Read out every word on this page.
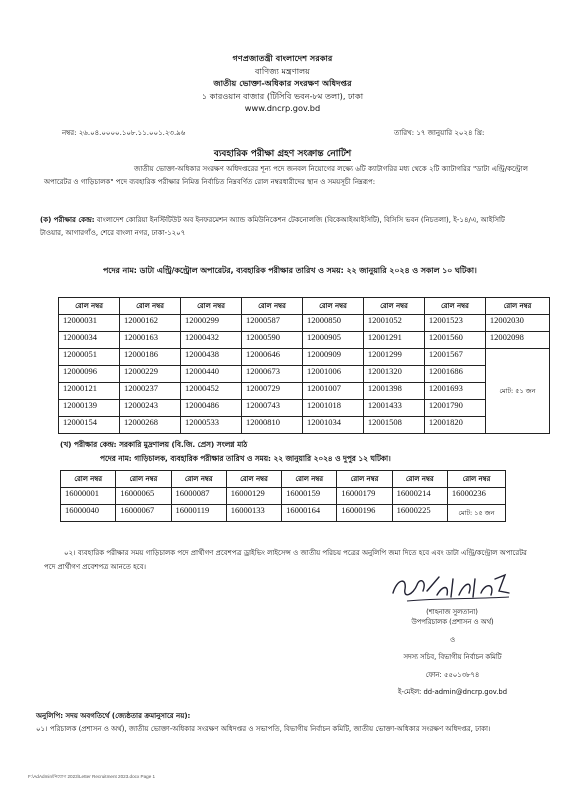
গণপ্রজাতন্ত্রী বাংলাদেশ সরকার
বাণিজ্য মন্ত্রণালয়
জাতীয় ভোক্তা-অধিকার সংরক্ষণ অধিদপ্তর
১ কারওয়ান বাজার (টিসিবি ভবন-৮ম তলা), ঢাকা
www.dncrp.gov.bd
নম্বর: ২৬.০৪.০০০০.১০৮.১১.০০১.২৩.৯৬	তারিখ: ১৭ জানুয়ারি ২০২৪ খ্রি:
ব্যবহারিক পরীক্ষা গ্রহণ সংক্রান্ত নোটিশ
জাতীয় ভোক্তা-অধিকার সংরক্ষণ অধিদপ্তরের শূন্য পদে জনবল নিয়োগের লক্ষ্যে ৬টি ক্যাটাগরির মধ্য থেকে ২টি ক্যাটাগরির "ডাটা এন্ট্রি/কন্ট্রোল অপারেটর ও গাড়িচালক" পদে ব্যবহারিক পরীক্ষার নিমিত্ত নির্বাচিত নিম্নবর্ণিত রোল নম্বরধারীদের স্থান ও সময়সূচী নিম্নরূপ:
(ক) পরীক্ষার কেন্দ্র: বাংলাদেশ কোরিয়া ইনস্টিটিউট অব ইনফরমেশন অ্যান্ড কমিউনিকেশন টেকনোলজি (বিকেআইআইসিটি), বিসিসি ভবন (নিচতলা), ই-১৪/এ, আইসিটি টাওয়ার, আগারগাঁও, শেরে বাংলা নগর, ঢাকা-১২০৭
পদের নাম: ডাটা এন্ট্রি/কন্ট্রোল অপারেটর, ব্যবহারিক পরীক্ষার তারিখ ও সময়: ২২ জানুয়ারি ২০২৪ ও সকাল ১০ ঘটিকা।
রোল নম্বর	রোল নম্বর	রোল নম্বর	রোল নম্বর	রোল নম্বর	রোল নম্বর	রোল নম্বর	রোল নম্বর
12000031	12000162	12000299	12000587	12000850	12001052	12001523	12002030
12000034	12000163	12000432	12000590	12000905	12001291	12001560	12002098
12000051	12000186	12000438	12000646	12000909	12001299	12001567	মোট: ৫১ জন
12000096	12000229	12000440	12000673	12001006	12001320	12001686	
12000121	12000237	12000452	12000729	12001007	12001398	12001693	
12000139	12000243	12000486	12000743	12001018	12001433	12001790	
12000154	12000268	12000533	12000810	12001034	12001508	12001820	
(খ) পরীক্ষার কেন্দ্র: সরকারি মুদ্রণালয় (বি.জি. প্রেস) সংলগ্ন মাঠ
পদের নাম: গাড়িচালক, ব্যবহারিক পরীক্ষার তারিখ ও সময়: ২২ জানুয়ারি ২০২৪ ও দুপুর ১২ ঘটিকা।
রোল নম্বর	রোল নম্বর	রোল নম্বর	রোল নম্বর	রোল নম্বর	রোল নম্বর	রোল নম্বর	রোল নম্বর
16000001	16000065	16000087	16000129	16000159	16000179	16000214	16000236
16000040	16000067	16000119	16000133	16000164	16000196	16000225	মোট: ১৫ জন
০২। ব্যবহারিক পরীক্ষার সময় গাড়িচালক পদে প্রার্থীগণ প্রবেশপত্র ড্রাইভিং লাইসেন্স ও জাতীয় পরিচয় পত্রের অনুলিপি জমা দিতে হবে এবং ডাটা এন্ট্রি/কন্ট্রোল অপারেটর পদে প্রার্থীগণ প্রবেশপত্র আনতে হবে।
(শাহনাজ সুলতানা)
উপপরিচালক (প্রশাসন ও অর্থ)
ও
সদস্য সচিব, বিভাগীয় নির্বাচন কমিটি
ফোন: ৫৫০১৩৮৭৪
ই-মেইল: dd-admin@dncrp.gov.bd
অনুলিপি: সদয় অবগতির্থে (জ্যেষ্ঠতার ক্রমানুসারে নয়):
০১। পরিচালক (প্রশাসন ও অর্থ), জাতীয় ভোক্তা-অধিকার সংরক্ষণ অধিদপ্তর ও সভাপতি, বিভাগীয় নির্বাচন কমিটি, জাতীয় ভোক্তা-অধিকার সংরক্ষণ অধিদপ্তর, ঢাকা।
F:\AdAdmin\নিয়োগ 2023\Letter Recruitment 2023.docx Page 1
